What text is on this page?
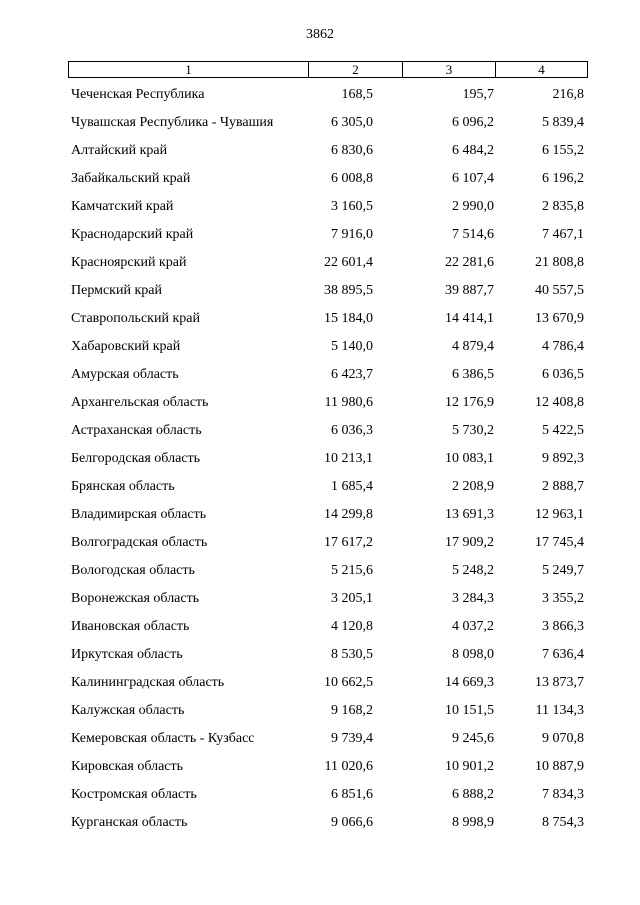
3862
1	2	3	4
Чеченская Республика	168,5	195,7	216,8
Чувашская Республика - Чувашия	6 305,0	6 096,2	5 839,4
Алтайский край	6 830,6	6 484,2	6 155,2
Забайкальский край	6 008,8	6 107,4	6 196,2
Камчатский край	3 160,5	2 990,0	2 835,8
Краснодарский край	7 916,0	7 514,6	7 467,1
Красноярский край	22 601,4	22 281,6	21 808,8
Пермский край	38 895,5	39 887,7	40 557,5
Ставропольский край	15 184,0	14 414,1	13 670,9
Хабаровский край	5 140,0	4 879,4	4 786,4
Амурская область	6 423,7	6 386,5	6 036,5
Архангельская область	11 980,6	12 176,9	12 408,8
Астраханская область	6 036,3	5 730,2	5 422,5
Белгородская область	10 213,1	10 083,1	9 892,3
Брянская область	1 685,4	2 208,9	2 888,7
Владимирская область	14 299,8	13 691,3	12 963,1
Волгоградская область	17 617,2	17 909,2	17 745,4
Вологодская область	5 215,6	5 248,2	5 249,7
Воронежская область	3 205,1	3 284,3	3 355,2
Ивановская область	4 120,8	4 037,2	3 866,3
Иркутская область	8 530,5	8 098,0	7 636,4
Калининградская область	10 662,5	14 669,3	13 873,7
Калужская область	9 168,2	10 151,5	11 134,3
Кемеровская область - Кузбасс	9 739,4	9 245,6	9 070,8
Кировская область	11 020,6	10 901,2	10 887,9
Костромская область	6 851,6	6 888,2	7 834,3
Курганская область	9 066,6	8 998,9	8 754,3
